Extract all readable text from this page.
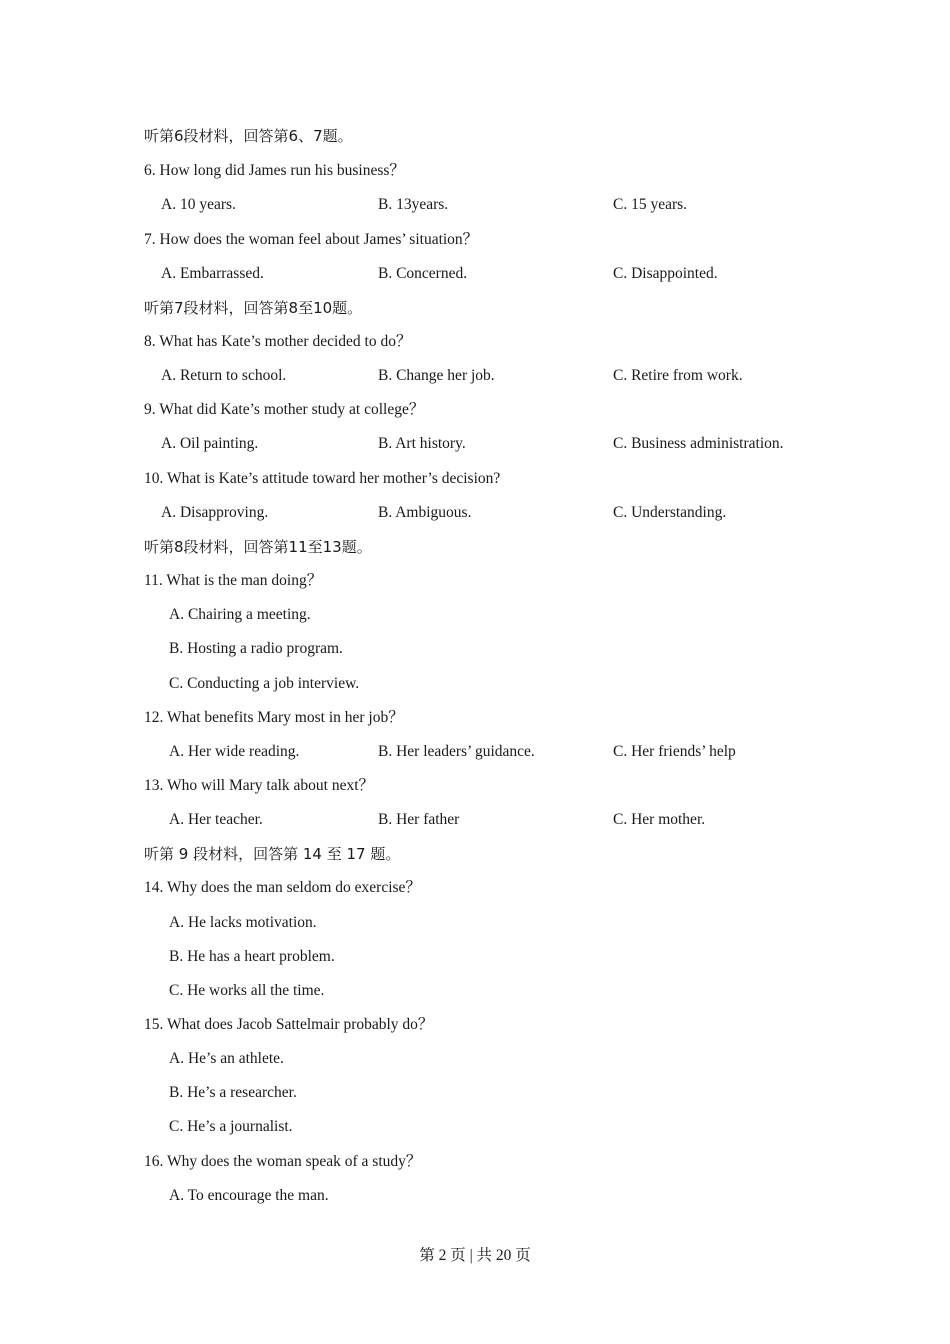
听第6段材料，回答第6、7题。
6. How long did James run his business？
A. 10 years.	B. 13years.	C. 15 years.
7. How does the woman feel about James’ situation？
A. Embarrassed.	B. Concerned.	C. Disappointed.
听第7段材料，回答第8至10题。
8. What has Kate’s mother decided to do？
A. Return to school.	B. Change her job.	C. Retire from work.
9. What did Kate’s mother study at college？
A. Oil painting.	B. Art history.	C. Business administration.
10. What is Kate’s attitude toward her mother’s decision?
A. Disapproving.	B. Ambiguous.	C. Understanding.
听第8段材料，回答第11至13题。
11. What is the man doing？
A. Chairing a meeting.
B. Hosting a radio program.
C. Conducting a job interview.
12. What benefits Mary most in her job？
A. Her wide reading.	B. Her leaders’ guidance.	C. Her friends’ help
13. Who will Mary talk about next？
A. Her teacher.	B. Her father	C. Her mother.
听第 9 段材料，回答第 14 至 17 题。
14. Why does the man seldom do exercise？
A. He lacks motivation.
B. He has a heart problem.
C. He works all the time.
15. What does Jacob Sattelmair probably do？
A. He’s an athlete.
B. He’s a researcher.
C. He’s a journalist.
16. Why does the woman speak of a study？
A. To encourage the man.
第 2 页 | 共 20 页
